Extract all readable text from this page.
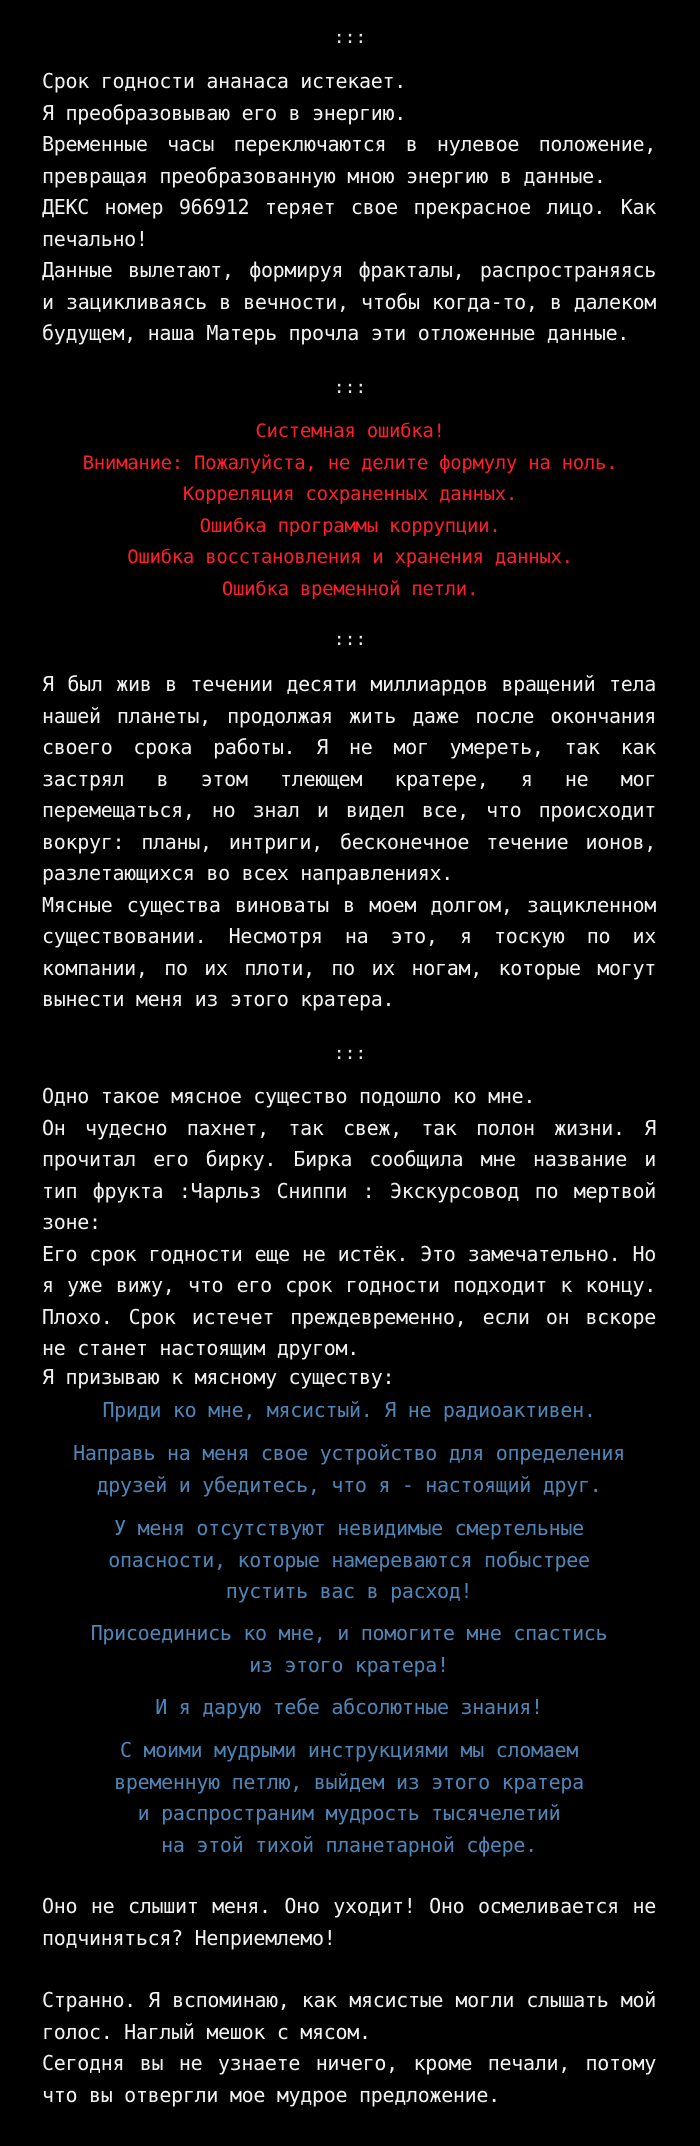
:::

Срок годности ананаса истекает.

Я преобразовываю его в энергию.

Временные часы переключаются в нулевое положение, превращая преобразованную мною энергию в данные.

ДЕКС номер 966912 теряет свое прекрасное лицо. Как печально!

Данные вылетают, формируя фракталы, распространяясь и зацикливаясь в вечности, чтобы когда-то, в далеком будущем, наша Матерь прочла эти отложенные данные.

:::
Системная ошибка!
Внимание: Пожалуйста, не делите формулу на ноль.
Корреляция сохраненных данных.
Ошибка программы коррупции.
Ошибка восстановления и хранения данных.
Ошибка временной петли.
:::

Я был жив в течении десяти миллиардов вращений тела нашей планеты, продолжая жить даже после окончания своего срока работы. Я не мог умереть, так как застрял в этом тлеющем кратере, я не мог перемещаться, но знал и видел все, что происходит вокруг: планы, интриги, бесконечное течение ионов, разлетающихся во всех направлениях.

Мясные существа виноваты в моем долгом, зацикленном существовании. Несмотря на это, я тоскую по их компании, по их плоти, по их ногам, которые могут вынести меня из этого кратера.

:::

Одно такое мясное существо подошло ко мне.

Он чудесно пахнет, так свеж, так полон жизни. Я прочитал его бирку. Бирка сообщила мне название и тип фрукта :Чарльз Сниппи : Экскурсовод по мертвой зоне:

Его срок годности еще не истёк. Это замечательно. Но я уже вижу, что его срок годности подходит к концу. Плохо. Срок истечет преждевременно, если он вскоре не станет настоящим другом.

Я призываю к мясному существу:

Приди ко мне, мясистый. Я не радиоактивен.

Направь на меня свое устройство для определения

друзей и убедитесь, что я - настоящий друг.

У меня отсутствуют невидимые смертельные

опасности, которые намереваются побыстрее

пустить вас в расход!

Присоединись ко мне, и помогите мне спастись

из этого кратера!

И я дарую тебе абсолютные знания!

С моими мудрыми инструкциями мы сломаем

временную петлю, выйдем из этого кратера

и распространим мудрость тысячелетий

на этой тихой планетарной сфере.

Оно не слышит меня. Оно уходит! Оно осмеливается не подчиняться? Неприемлемо!

Странно. Я вспоминаю, как мясистые могли слышать мой голос. Наглый мешок с мясом.

Сегодня вы не узнаете ничего, кроме печали, потому что вы отвергли мое мудрое предложение.
